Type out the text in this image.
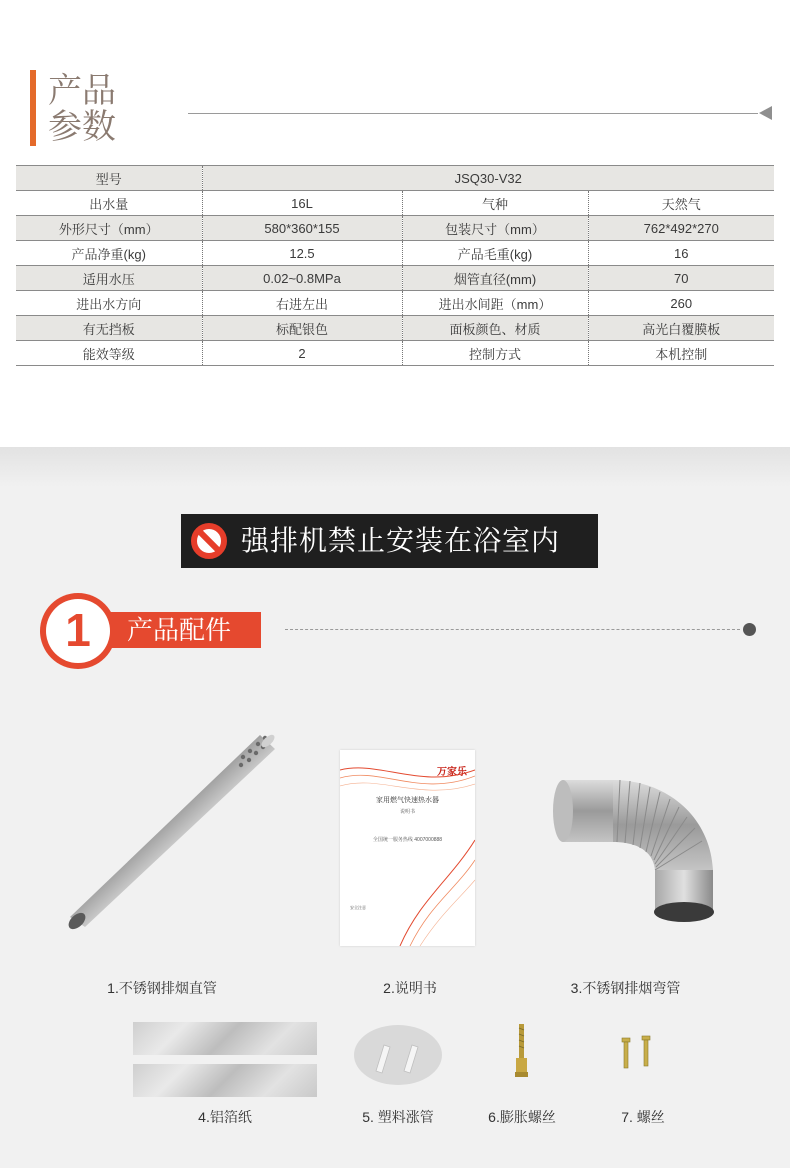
产品
参数
型号	JSQ30-V32		
出水量	16L	气种	天然气
外形尺寸（mm）	580*360*155	包装尺寸（mm）	762*492*270
产品净重(kg)	12.5	产品毛重(kg)	16
适用水压	0.02~0.8MPa	烟管直径(mm)	70
进出水方向	右进左出	进出水间距（mm）	260
有无挡板	标配银色	面板颜色、材质	高光白覆膜板
能效等级	2	控制方式	本机控制
强排机禁止安装在浴室内
1	产品配件
1.不锈钢排烟直管
万家乐
家用燃气快速热水器
说明书
全国统一服务热线 4007000888
安全注意
2.说明书	3.不锈钢排烟弯管
4.铝箔纸	5. 塑料涨管	6.膨胀螺丝	7. 螺丝
